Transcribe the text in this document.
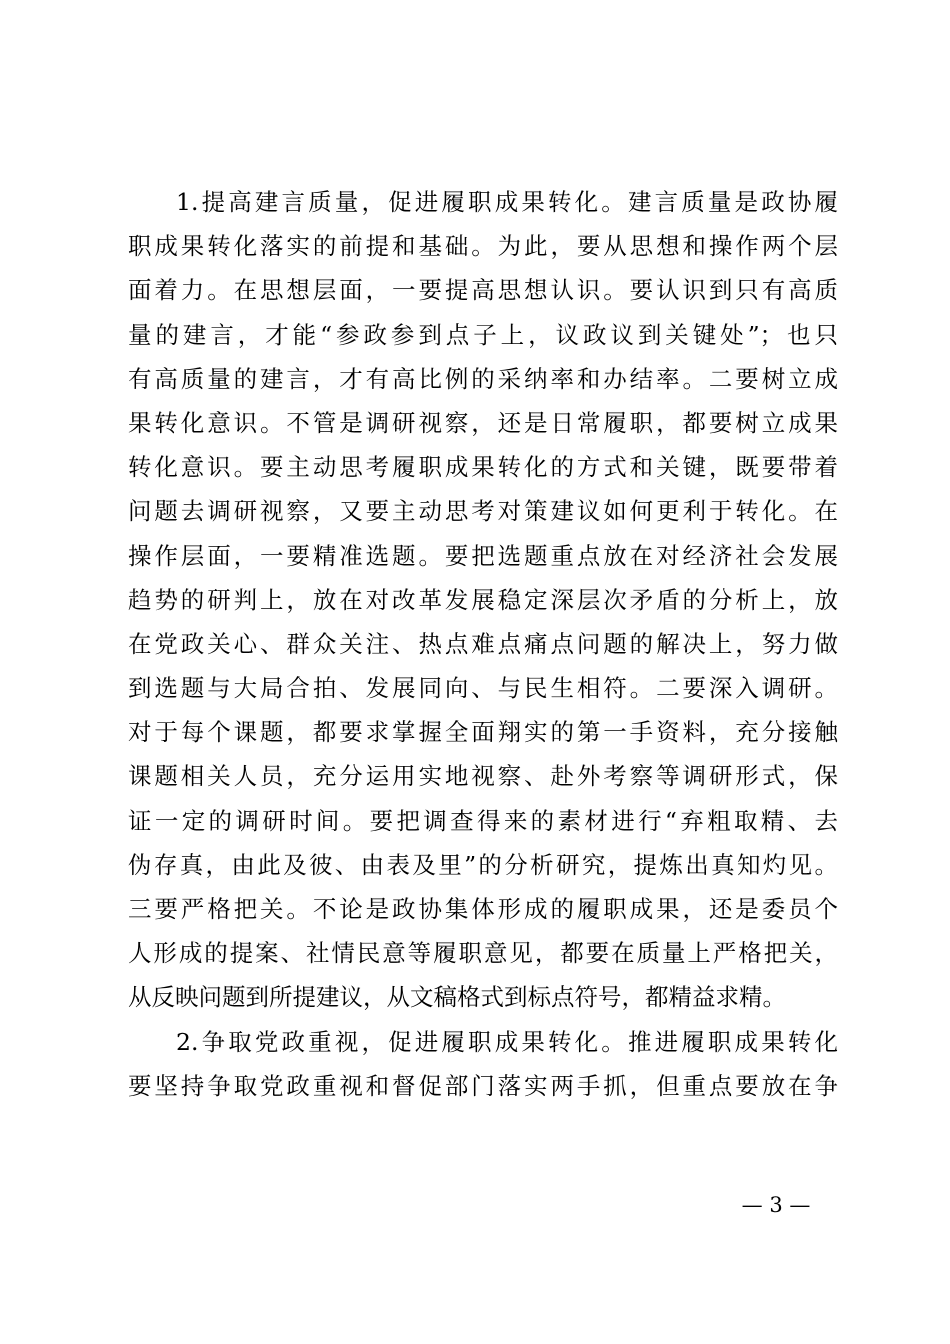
1.提高建言质量，促进履职成果转化。建言质量是政协履
职成果转化落实的前提和基础。为此，要从思想和操作两个层
面着力。在思想层面，一要提高思想认识。要认识到只有高质
量的建言，才能“参政参到点子上，议政议到关键处”；也只
有高质量的建言，才有高比例的采纳率和办结率。二要树立成
果转化意识。不管是调研视察，还是日常履职，都要树立成果
转化意识。要主动思考履职成果转化的方式和关键，既要带着
问题去调研视察，又要主动思考对策建议如何更利于转化。在
操作层面，一要精准选题。要把选题重点放在对经济社会发展
趋势的研判上，放在对改革发展稳定深层次矛盾的分析上，放
在党政关心、群众关注、热点难点痛点问题的解决上，努力做
到选题与大局合拍、发展同向、与民生相符。二要深入调研。
对于每个课题，都要求掌握全面翔实的第一手资料，充分接触
课题相关人员，充分运用实地视察、赴外考察等调研形式，保
证一定的调研时间。要把调查得来的素材进行“弃粗取精、去
伪存真，由此及彼、由表及里”的分析研究，提炼出真知灼见。
三要严格把关。不论是政协集体形成的履职成果，还是委员个
人形成的提案、社情民意等履职意见，都要在质量上严格把关，
从反映问题到所提建议，从文稿格式到标点符号，都精益求精。
2.争取党政重视，促进履职成果转化。推进履职成果转化
要坚持争取党政重视和督促部门落实两手抓，但重点要放在争
— 3 —
